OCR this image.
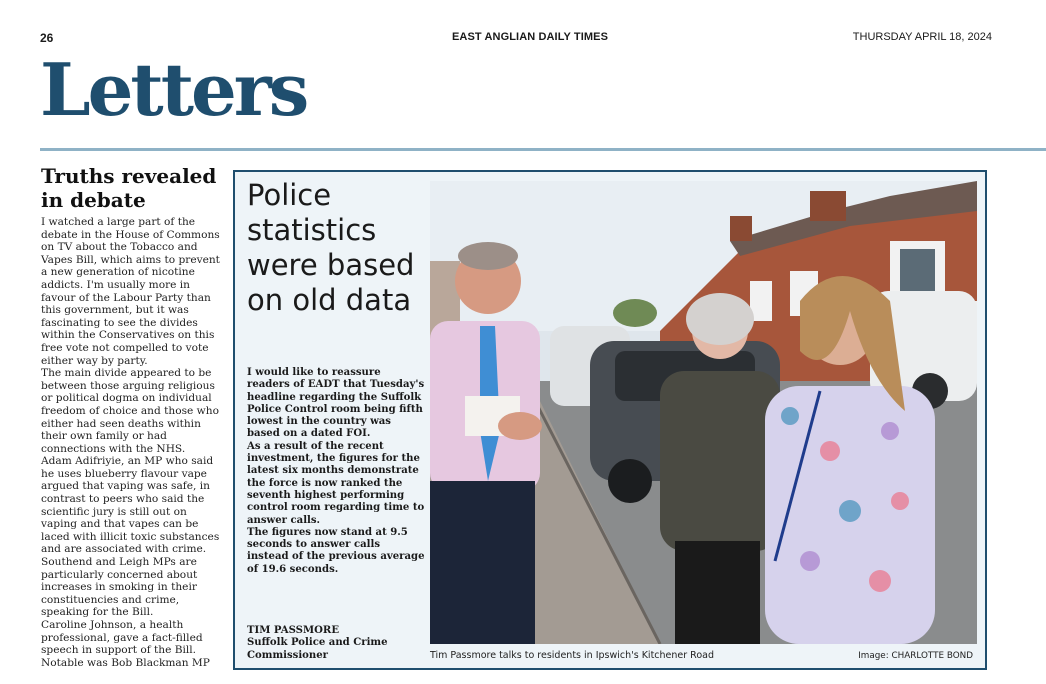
26	EAST ANGLIAN DAILY TIMES	THURSDAY APRIL 18, 2024
Letters
Truths revealed in debate

I watched a large part of the debate in the House of Commons on TV about the Tobacco and Vapes Bill, which aims to prevent a new generation of nicotine addicts. I'm usually more in favour of the Labour Party than this government, but it was fascinating to see the divides within the Conservatives on this free vote not compelled to vote either way by party.

The main divide appeared to be between those arguing religious or political dogma on individual freedom of choice and those who either had seen deaths within their own family or had connections with the NHS.

Adam Adifriyie, an MP who said he uses blueberry flavour vape argued that vaping was safe, in contrast to peers who said the scientific jury is still out on vaping and that vapes can be laced with illicit toxic substances and are associated with crime.

Southend and Leigh MPs are particularly concerned about increases in smoking in their constituencies and crime, speaking for the Bill.

Caroline Johnson, a health professional, gave a fact-filled speech in support of the Bill.

Notable was Bob Blackman MP

Police statistics were based on old data

I would like to reassure readers of EADT that Tuesday's headline regarding the Suffolk Police Control room being fifth lowest in the country was based on a dated FOI.

As a result of the recent investment, the figures for the latest six months demonstrate the force is now ranked the seventh highest performing control room regarding time to answer calls.

The figures now stand at 9.5 seconds to answer calls instead of the previous average of 19.6 seconds.

TIM PASSMORE
Suffolk Police and Crime Commissioner	Tim Passmore talks to residents in Ipswich's Kitchener Road	Image: CHARLOTTE BOND
